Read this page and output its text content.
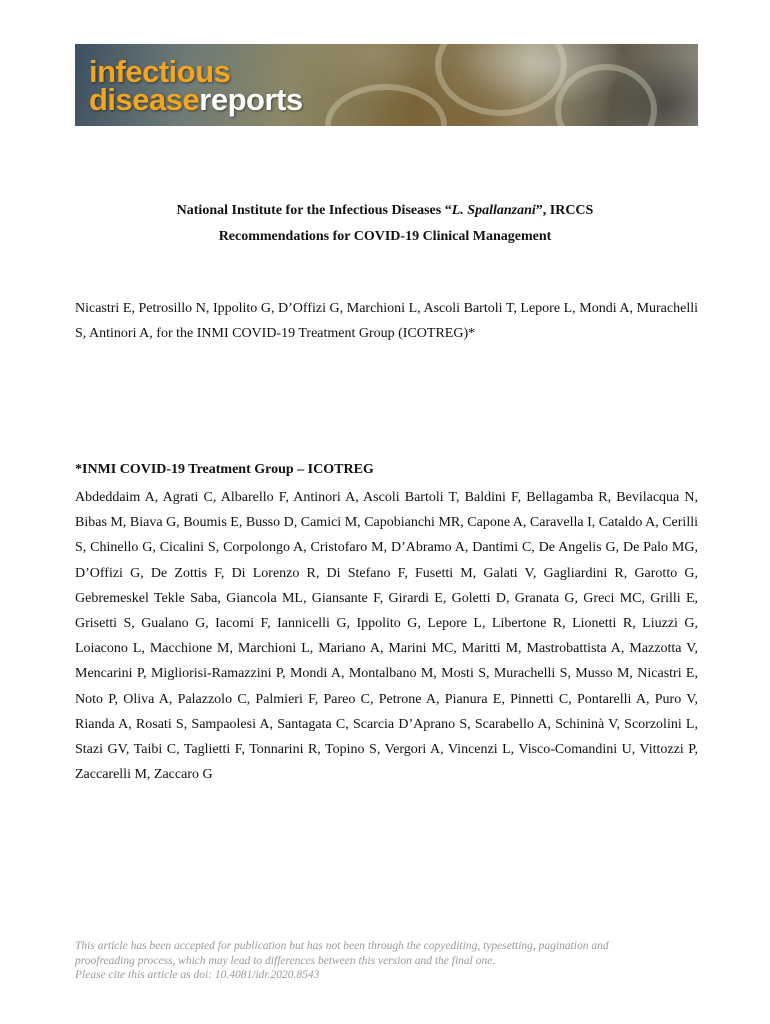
infectious
diseasereports
National Institute for the Infectious Diseases “L. Spallanzani”, IRCCS
Recommendations for COVID-19 Clinical Management
Nicastri E, Petrosillo N, Ippolito G, D’Offizi G, Marchioni L, Ascoli Bartoli T, Lepore L, Mondi A, Murachelli S, Antinori A, for the INMI COVID-19 Treatment Group (ICOTREG)*
*INMI COVID-19 Treatment Group – ICOTREG
Abdeddaim A, Agrati C, Albarello F, Antinori A, Ascoli Bartoli T, Baldini F, Bellagamba R, Bevilacqua N, Bibas M, Biava G, Boumis E, Busso D, Camici M, Capobianchi MR, Capone A, Caravella I, Cataldo A, Cerilli S, Chinello G, Cicalini S, Corpolongo A, Cristofaro M, D’Abramo A, Dantimi C, De Angelis G, De Palo MG, D’Offizi G, De Zottis F, Di Lorenzo R, Di Stefano F, Fusetti M, Galati V, Gagliardini R, Garotto G, Gebremeskel Tekle Saba, Giancola ML, Giansante F, Girardi E, Goletti D, Granata G, Greci MC, Grilli E, Grisetti S, Gualano G, Iacomi F, Iannicelli G, Ippolito G, Lepore L, Libertone R, Lionetti R, Liuzzi G, Loiacono L, Macchione M, Marchioni L, Mariano A, Marini MC, Maritti M, Mastrobattista A, Mazzotta V, Mencarini P, Migliorisi-Ramazzini P, Mondi A, Montalbano M, Mosti S, Murachelli S, Musso M, Nicastri E, Noto P, Oliva A, Palazzolo C, Palmieri F, Pareo C, Petrone A, Pianura E, Pinnetti C, Pontarelli A, Puro V, Rianda A, Rosati S, Sampaolesi A, Santagata C, Scarcia D’Aprano S, Scarabello A, Schininà V, Scorzolini L, Stazi GV, Taibi C, Taglietti F, Tonnarini R, Topino S, Vergori A, Vincenzi L, Visco-Comandini U, Vittozzi P, Zaccarelli M, Zaccaro G
This article has been accepted for publication but has not been through the copyediting, typesetting, pagination and
proofreading process, which may lead to differences between this version and the final one.
Please cite this article as doi: 10.4081/idr.2020.8543
